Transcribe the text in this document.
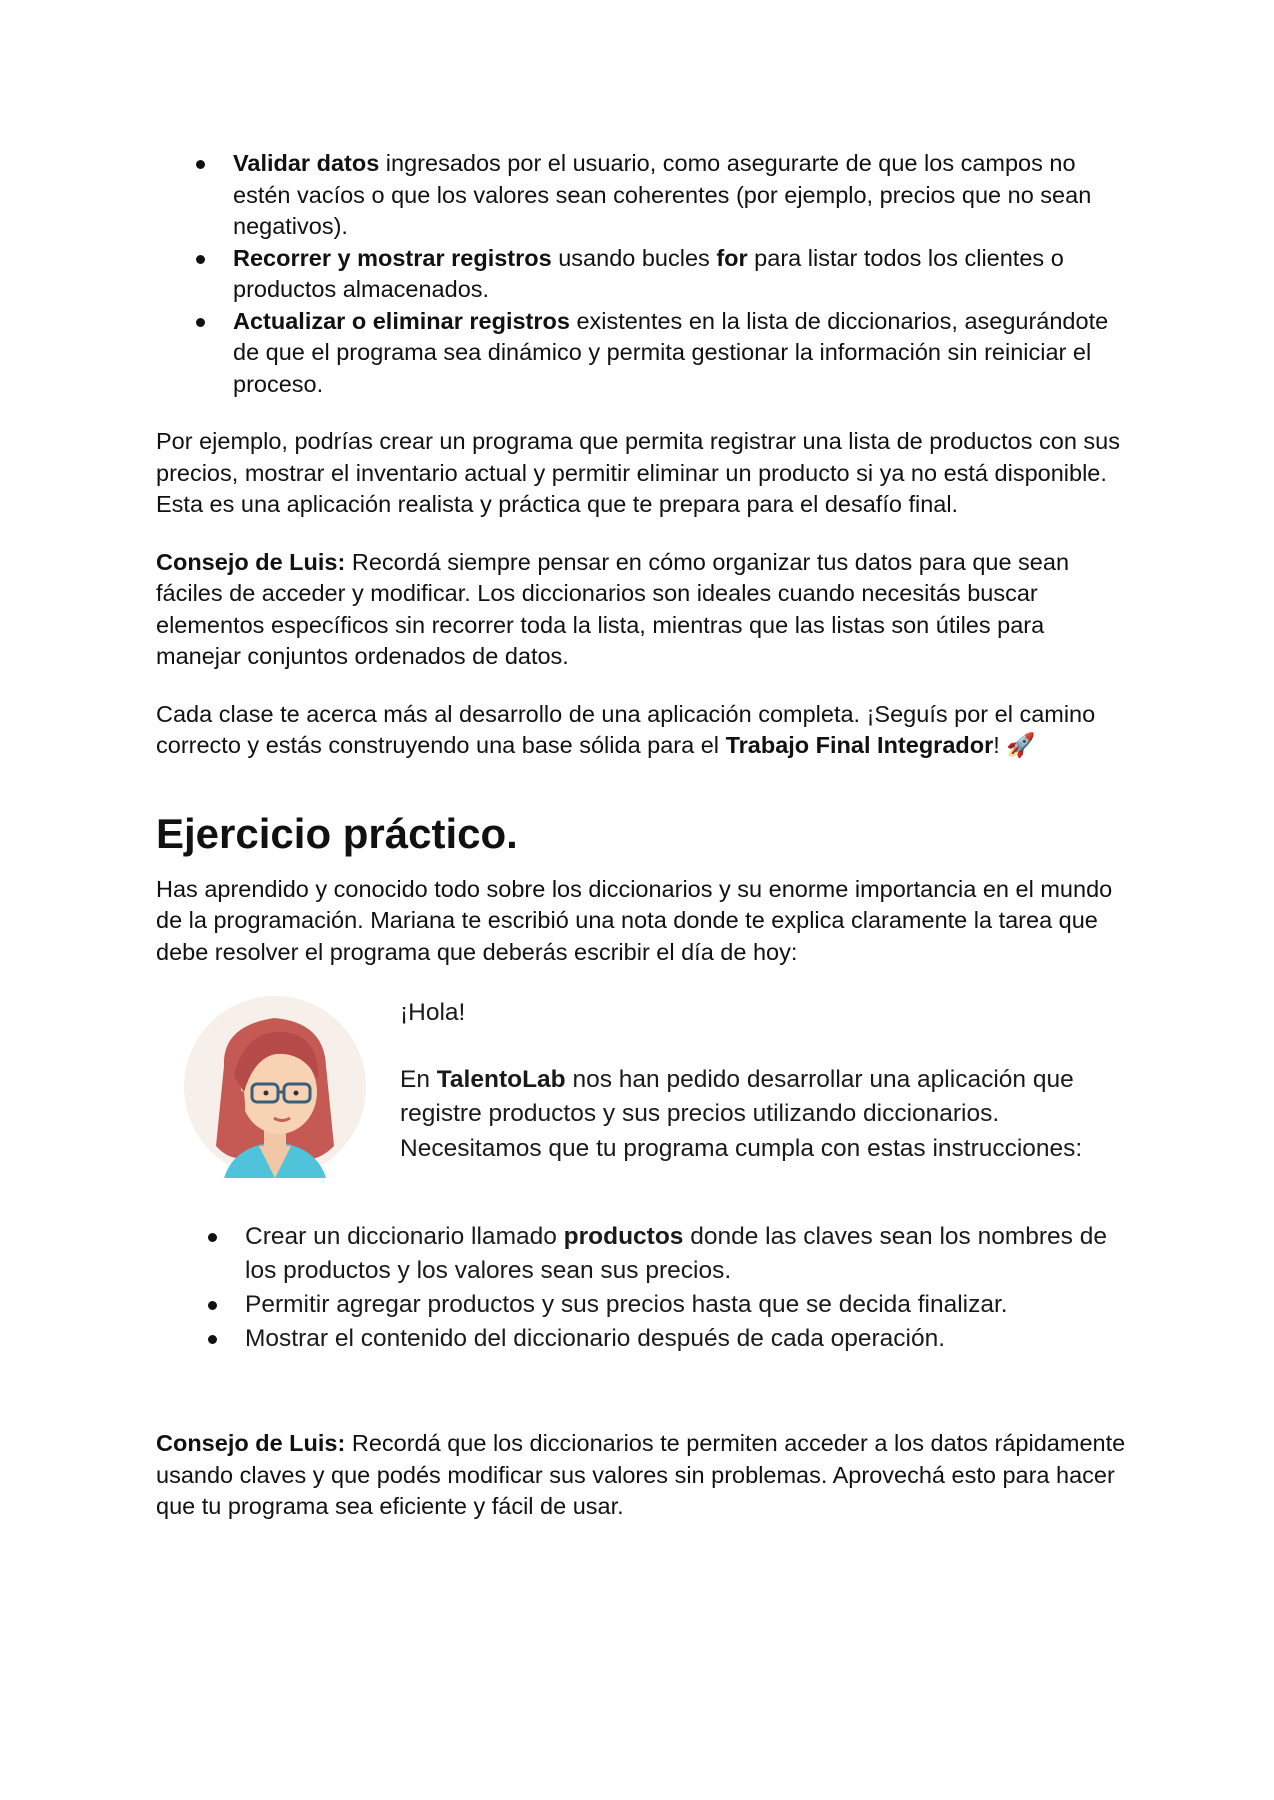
Validar datos ingresados por el usuario, como asegurarte de que los campos no estén vacíos o que los valores sean coherentes (por ejemplo, precios que no sean negativos).
Recorrer y mostrar registros usando bucles for para listar todos los clientes o productos almacenados.
Actualizar o eliminar registros existentes en la lista de diccionarios, asegurándote de que el programa sea dinámico y permita gestionar la información sin reiniciar el proceso.

Por ejemplo, podrías crear un programa que permita registrar una lista de productos con sus precios, mostrar el inventario actual y permitir eliminar un producto si ya no está disponible. Esta es una aplicación realista y práctica que te prepara para el desafío final.

Consejo de Luis: Recordá siempre pensar en cómo organizar tus datos para que sean fáciles de acceder y modificar. Los diccionarios son ideales cuando necesitás buscar elementos específicos sin recorrer toda la lista, mientras que las listas son útiles para manejar conjuntos ordenados de datos.

Cada clase te acerca más al desarrollo de una aplicación completa. ¡Seguís por el camino correcto y estás construyendo una base sólida para el Trabajo Final Integrador! 🚀

Ejercicio práctico.

Has aprendido y conocido todo sobre los diccionarios y su enorme importancia en el mundo de la programación. Mariana te escribió una nota donde te explica claramente la tarea que debe resolver el programa que deberás escribir el día de hoy:

¡Hola!

En TalentoLab nos han pedido desarrollar una aplicación que registre productos y sus precios utilizando diccionarios. Necesitamos que tu programa cumpla con estas instrucciones:

Crear un diccionario llamado productos donde las claves sean los nombres de los productos y los valores sean sus precios.
Permitir agregar productos y sus precios hasta que se decida finalizar.
Mostrar el contenido del diccionario después de cada operación.

Consejo de Luis: Recordá que los diccionarios te permiten acceder a los datos rápidamente usando claves y que podés modificar sus valores sin problemas. Aprovechá esto para hacer que tu programa sea eficiente y fácil de usar.
